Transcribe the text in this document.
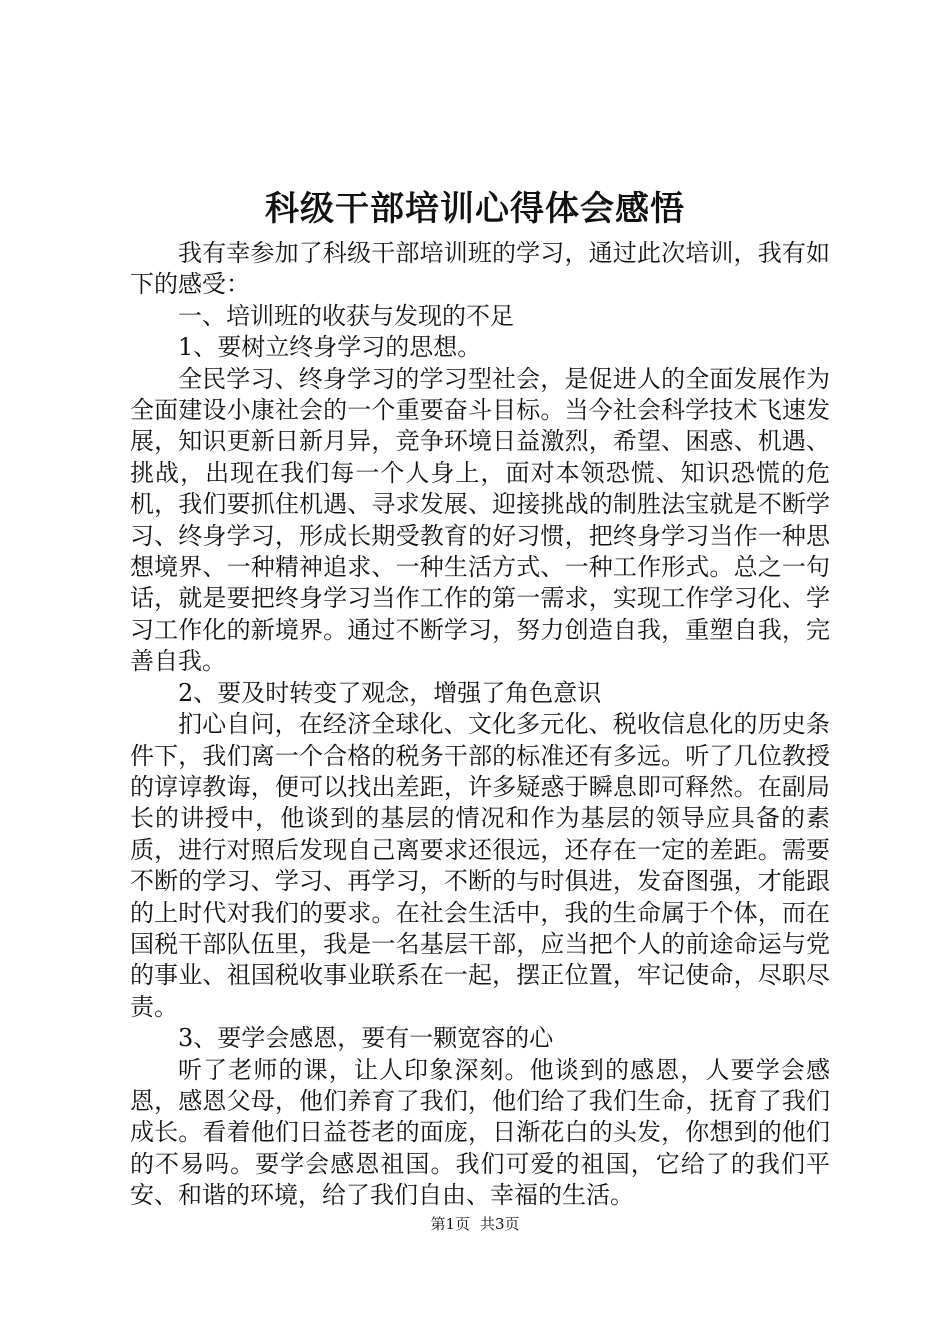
科级干部培训心得体会感悟

我有幸参加了科级干部培训班的学习，通过此次培训，我有如下的感受：

一、培训班的收获与发现的不足

1、要树立终身学习的思想。

全民学习、终身学习的学习型社会，是促进人的全面发展作为全面建设小康社会的一个重要奋斗目标。当今社会科学技术飞速发展，知识更新日新月异，竞争环境日益激烈，希望、困惑、机遇、挑战，出现在我们每一个人身上，面对本领恐慌、知识恐慌的危机，我们要抓住机遇、寻求发展、迎接挑战的制胜法宝就是不断学习、终身学习，形成长期受教育的好习惯，把终身学习当作一种思想境界、一种精神追求、一种生活方式、一种工作形式。总之一句话，就是要把终身学习当作工作的第一需求，实现工作学习化、学习工作化的新境界。通过不断学习，努力创造自我，重塑自我，完善自我。

2、要及时转变了观念，增强了角色意识

扪心自问，在经济全球化、文化多元化、税收信息化的历史条件下，我们离一个合格的税务干部的标准还有多远。听了几位教授的谆谆教诲，便可以找出差距，许多疑惑于瞬息即可释然。在副局长的讲授中，他谈到的基层的情况和作为基层的领导应具备的素质，进行对照后发现自己离要求还很远，还存在一定的差距。需要不断的学习、学习、再学习，不断的与时俱进，发奋图强，才能跟的上时代对我们的要求。在社会生活中，我的生命属于个体，而在国税干部队伍里，我是一名基层干部，应当把个人的前途命运与党的事业、祖国税收事业联系在一起，摆正位置，牢记使命，尽职尽责。

3、要学会感恩，要有一颗宽容的心

听了老师的课，让人印象深刻。他谈到的感恩，人要学会感恩，感恩父母，他们养育了我们，他们给了我们生命，抚育了我们成长。看着他们日益苍老的面庞，日渐花白的头发，你想到的他们的不易吗。要学会感恩祖国。我们可爱的祖国，它给了的我们平安、和谐的环境，给了我们自由、幸福的生活。

第1页 共3页
